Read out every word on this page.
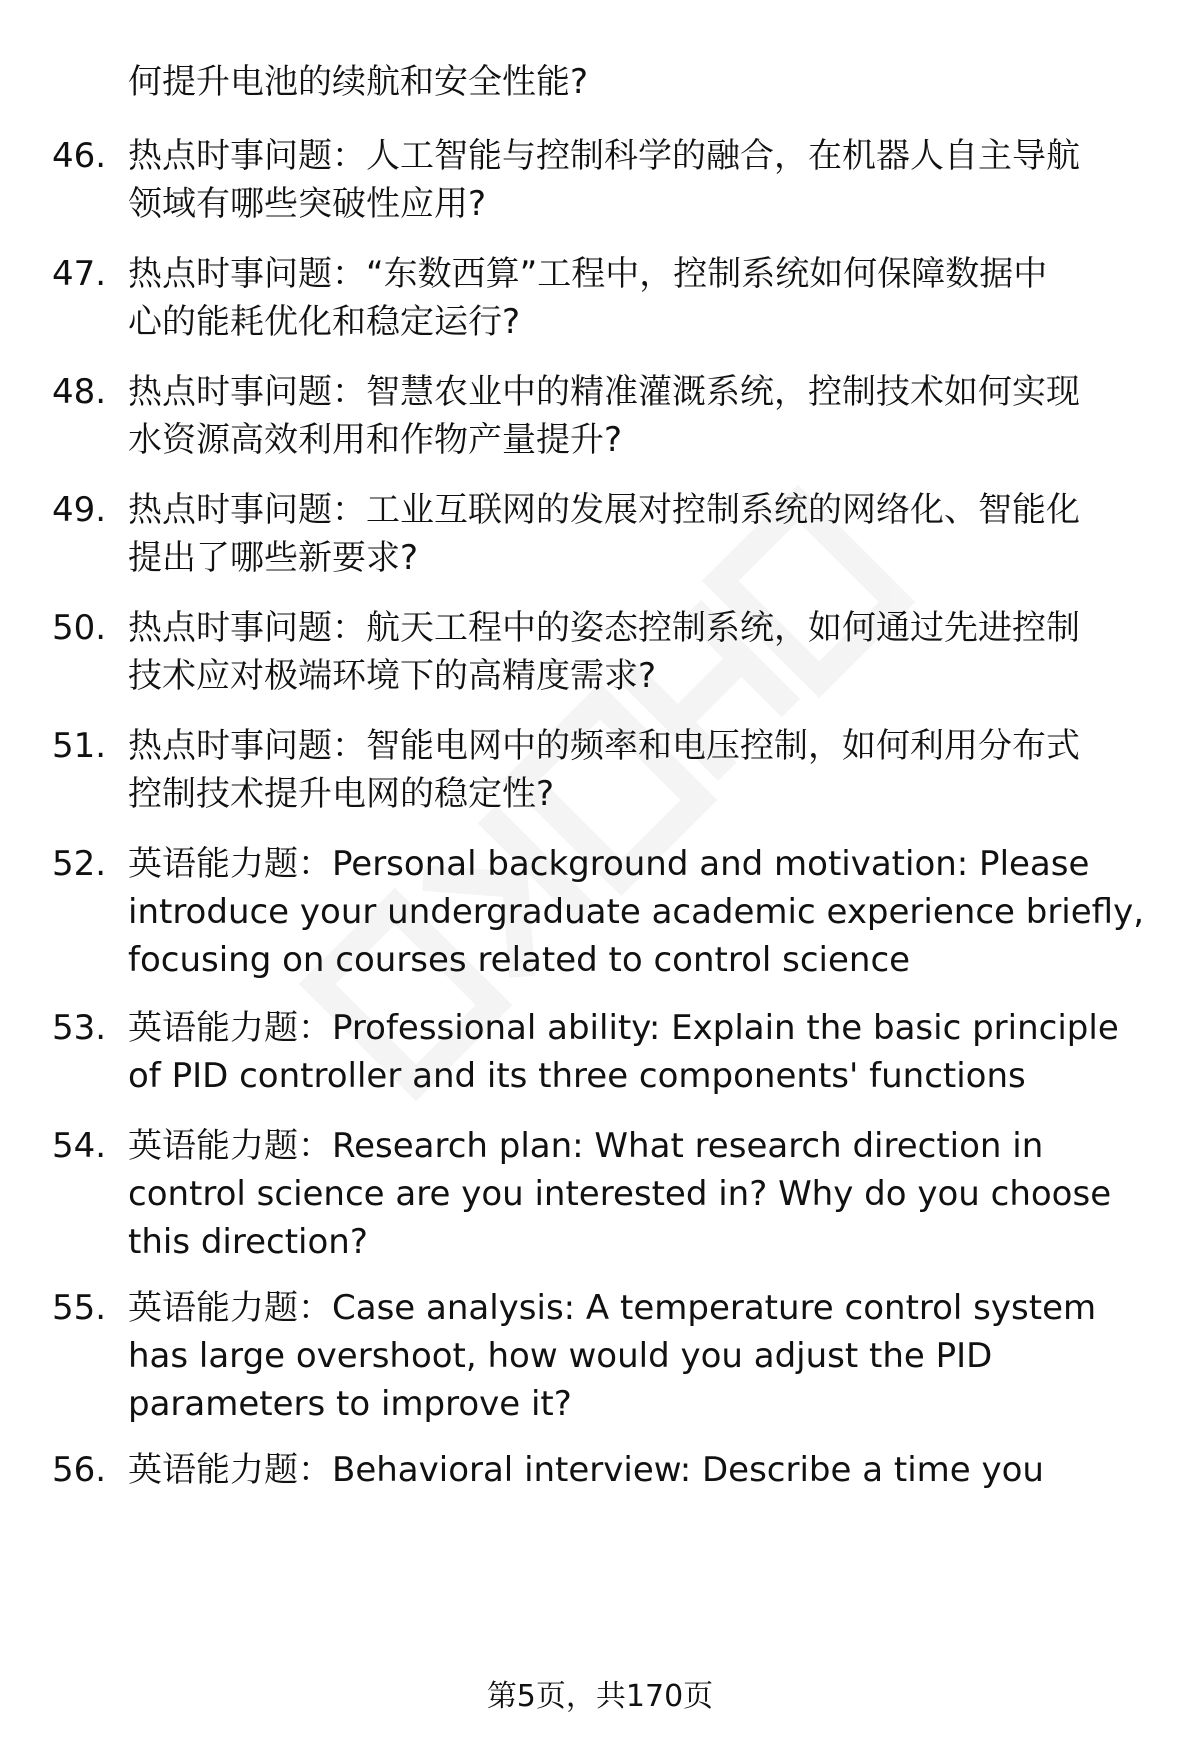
何提升电池的续航和安全性能?

46. 热点时事问题：人工智能与控制科学的融合，在机器人自主导航
领域有哪些突破性应用?
47. 热点时事问题：“东数西算”工程中，控制系统如何保障数据中
心的能耗优化和稳定运行?
48. 热点时事问题：智慧农业中的精准灌溉系统，控制技术如何实现
水资源高效利用和作物产量提升?
49. 热点时事问题：工业互联网的发展对控制系统的网络化、智能化
提出了哪些新要求?
50. 热点时事问题：航天工程中的姿态控制系统，如何通过先进控制
技术应对极端环境下的高精度需求?
51. 热点时事问题：智能电网中的频率和电压控制，如何利用分布式
控制技术提升电网的稳定性?
52. 英语能力题：Personal background and motivation: Please
introduce your undergraduate academic experience briefly,
focusing on courses related to control science
53. 英语能力题：Professional ability: Explain the basic principle
of PID controller and its three components' functions
54. 英语能力题：Research plan: What research direction in
control science are you interested in? Why do you choose
this direction?
55. 英语能力题：Case analysis: A temperature control system
has large overshoot, how would you adjust the PID
parameters to improve it?
56. 英语能力题：Behavioral interview: Describe a time you
第5页，共170页
